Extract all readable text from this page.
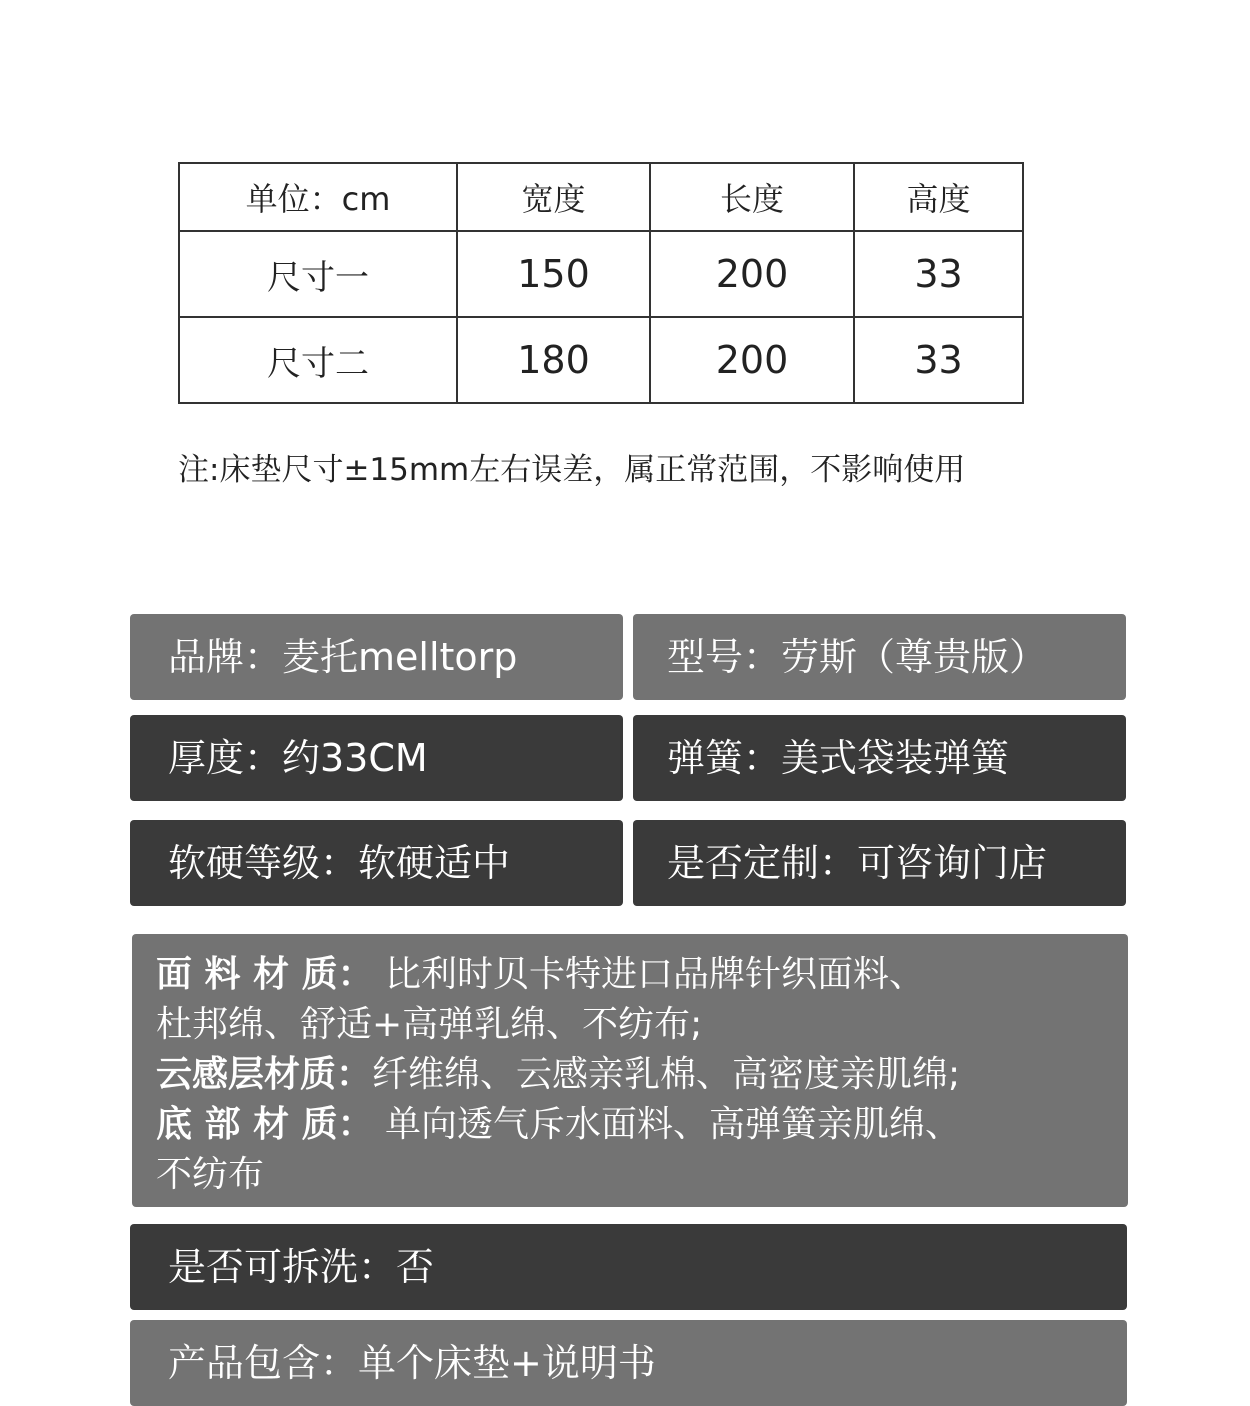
单位：cm	宽度	长度	高度
尺寸一	150	200	33
尺寸二	180	200	33
注:床垫尺寸±15mm左右误差，属正常范围，不影响使用
品牌：麦托melltorp	型号：劳斯（尊贵版）
厚度：约33CM	弹簧：美式袋装弹簧
软硬等级：软硬适中	是否定制：可咨询门店
面 料 材 质： 比利时贝卡特进口品牌针织面料、
杜邦绵、舒适+高弹乳绵、不纺布;
云感层材质：纤维绵、云感亲乳棉、高密度亲肌绵;
底 部 材 质： 单向透气斥水面料、高弹簧亲肌绵、
不纺布
是否可拆洗：否
产品包含：单个床垫+说明书
